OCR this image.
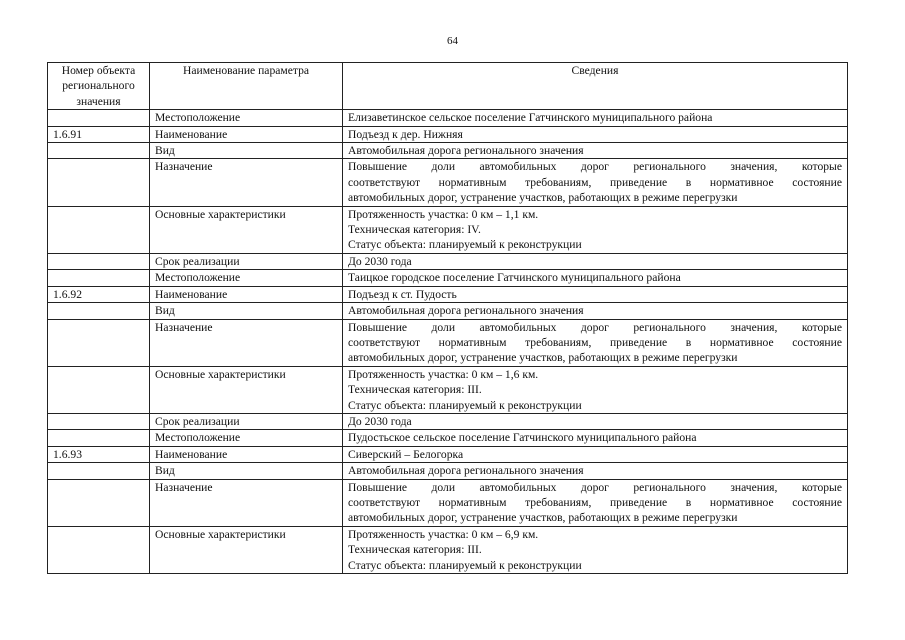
64
Номер объекта регионального значения	Наименование параметра	Сведения
	Местоположение	Елизаветинское сельское поселение Гатчинского муниципального района

1.6.91	Наименование	Подъезд к дер. Нижняя

	Вид	Автомобильная дорога регионального значения

	Назначение	Повышение доли автомобильных дорог регионального значения, которые
соответствуют нормативным требованиям, приведение в нормативное состояние
автомобильных дорог, устранение участков, работающих в режиме перегрузки

	Основные характеристики	Протяженность участка: 0 км – 1,1 км.
Техническая категория: IV.
Статус объекта: планируемый к реконструкции

	Срок реализации	До 2030 года

	Местоположение	Таицкое городское поселение Гатчинского муниципального района

1.6.92	Наименование	Подъезд к ст. Пудость

	Вид	Автомобильная дорога регионального значения

	Назначение	Повышение доли автомобильных дорог регионального значения, которые
соответствуют нормативным требованиям, приведение в нормативное состояние
автомобильных дорог, устранение участков, работающих в режиме перегрузки

	Основные характеристики	Протяженность участка: 0 км – 1,6 км.
Техническая категория: III.
Статус объекта: планируемый к реконструкции

	Срок реализации	До 2030 года

	Местоположение	Пудостьское сельское поселение Гатчинского муниципального района

1.6.93	Наименование	Сиверский – Белогорка

	Вид	Автомобильная дорога регионального значения

	Назначение	Повышение доли автомобильных дорог регионального значения, которые
соответствуют нормативным требованиям, приведение в нормативное состояние
автомобильных дорог, устранение участков, работающих в режиме перегрузки

	Основные характеристики	Протяженность участка: 0 км – 6,9 км.
Техническая категория: III.
Статус объекта: планируемый к реконструкции
